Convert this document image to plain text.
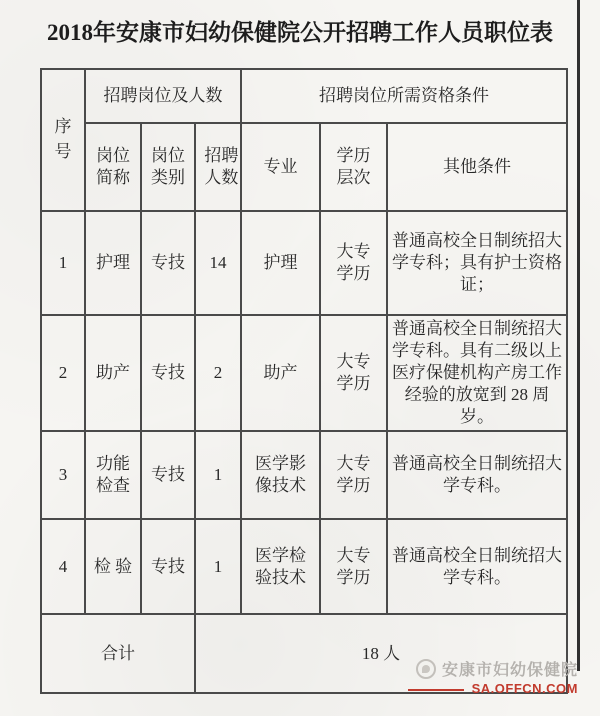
2018年安康市妇幼保健院公开招聘工作人员职位表
序号	招聘岗位及人数			招聘岗位所需资格条件		
	岗位简称	岗位类别	招聘人数	专业	学历层次	其他条件
1	护理	专技	14	护理	大专学历	普通高校全日制统招大学专科；具有护士资格证；
2	助产	专技	2	助产	大专学历	普通高校全日制统招大学专科。具有二级以上医疗保健机构产房工作经验的放宽到 28 周岁。
3	功能检查	专技	1	医学影像技术	大专学历	普通高校全日制统招大学专科。
4	检 验	专技	1	医学检验技术	大专学历	普通高校全日制统招大学专科。
合计			18 人			
安康市妇幼保健院
SA.OFFCN.COM
